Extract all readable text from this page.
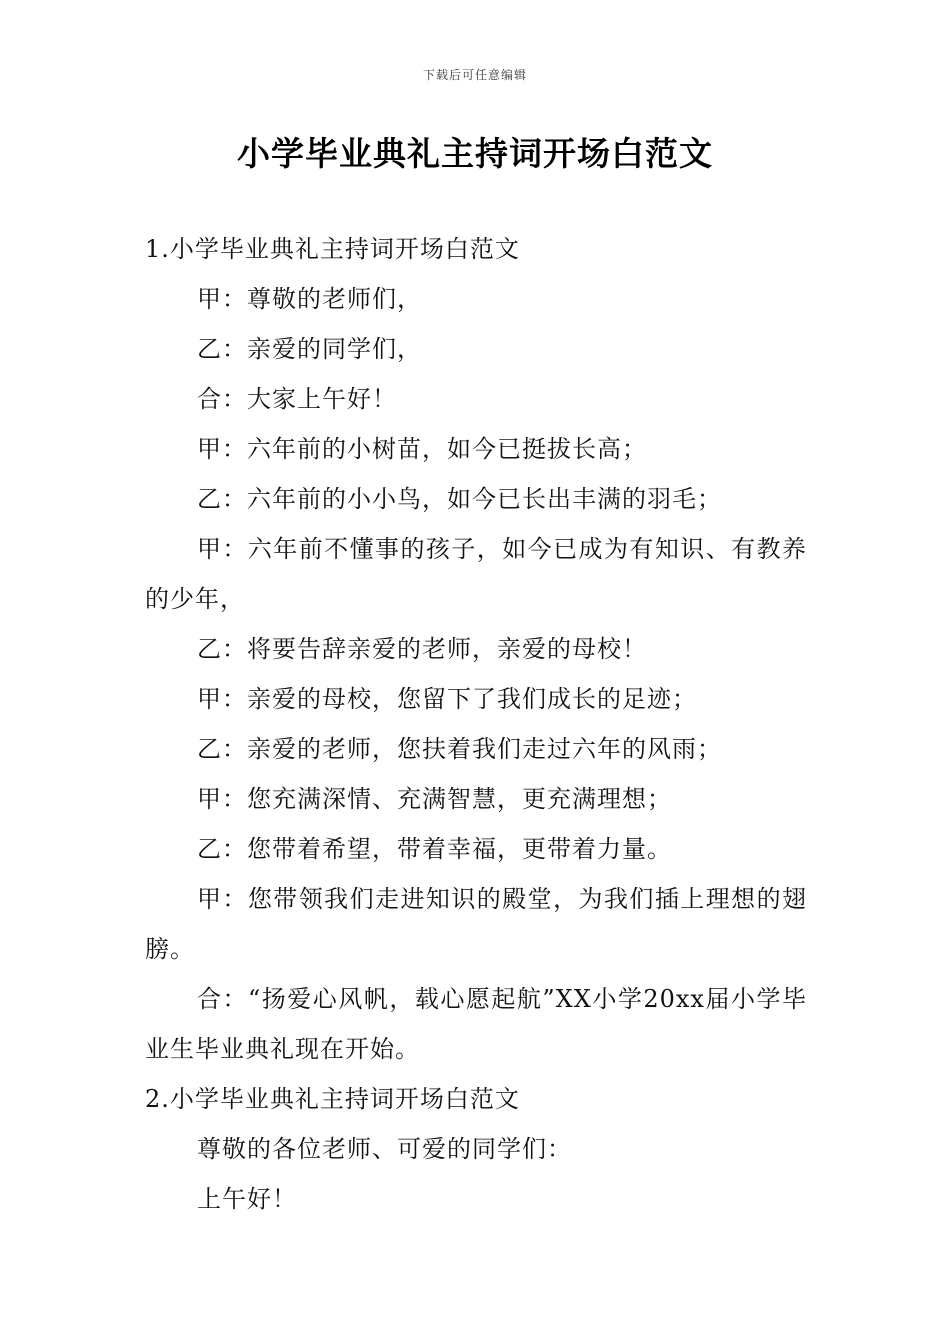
下载后可任意编辑
小学毕业典礼主持词开场白范文

1.小学毕业典礼主持词开场白范文

甲：尊敬的老师们，

乙：亲爱的同学们，

合：大家上午好！

甲：六年前的小树苗，如今已挺拔长高；

乙：六年前的小小鸟，如今已长出丰满的羽毛；

甲：六年前不懂事的孩子，如今已成为有知识、有教养的少年，

乙：将要告辞亲爱的老师，亲爱的母校！

甲：亲爱的母校，您留下了我们成长的足迹；

乙：亲爱的老师，您扶着我们走过六年的风雨；

甲：您充满深情、充满智慧，更充满理想；

乙：您带着希望，带着幸福，更带着力量。

甲：您带领我们走进知识的殿堂，为我们插上理想的翅膀。

合：“扬爱心风帆，载心愿起航”XX小学20xx届小学毕业生毕业典礼现在开始。

2.小学毕业典礼主持词开场白范文

尊敬的各位老师、可爱的同学们：

上午好！
